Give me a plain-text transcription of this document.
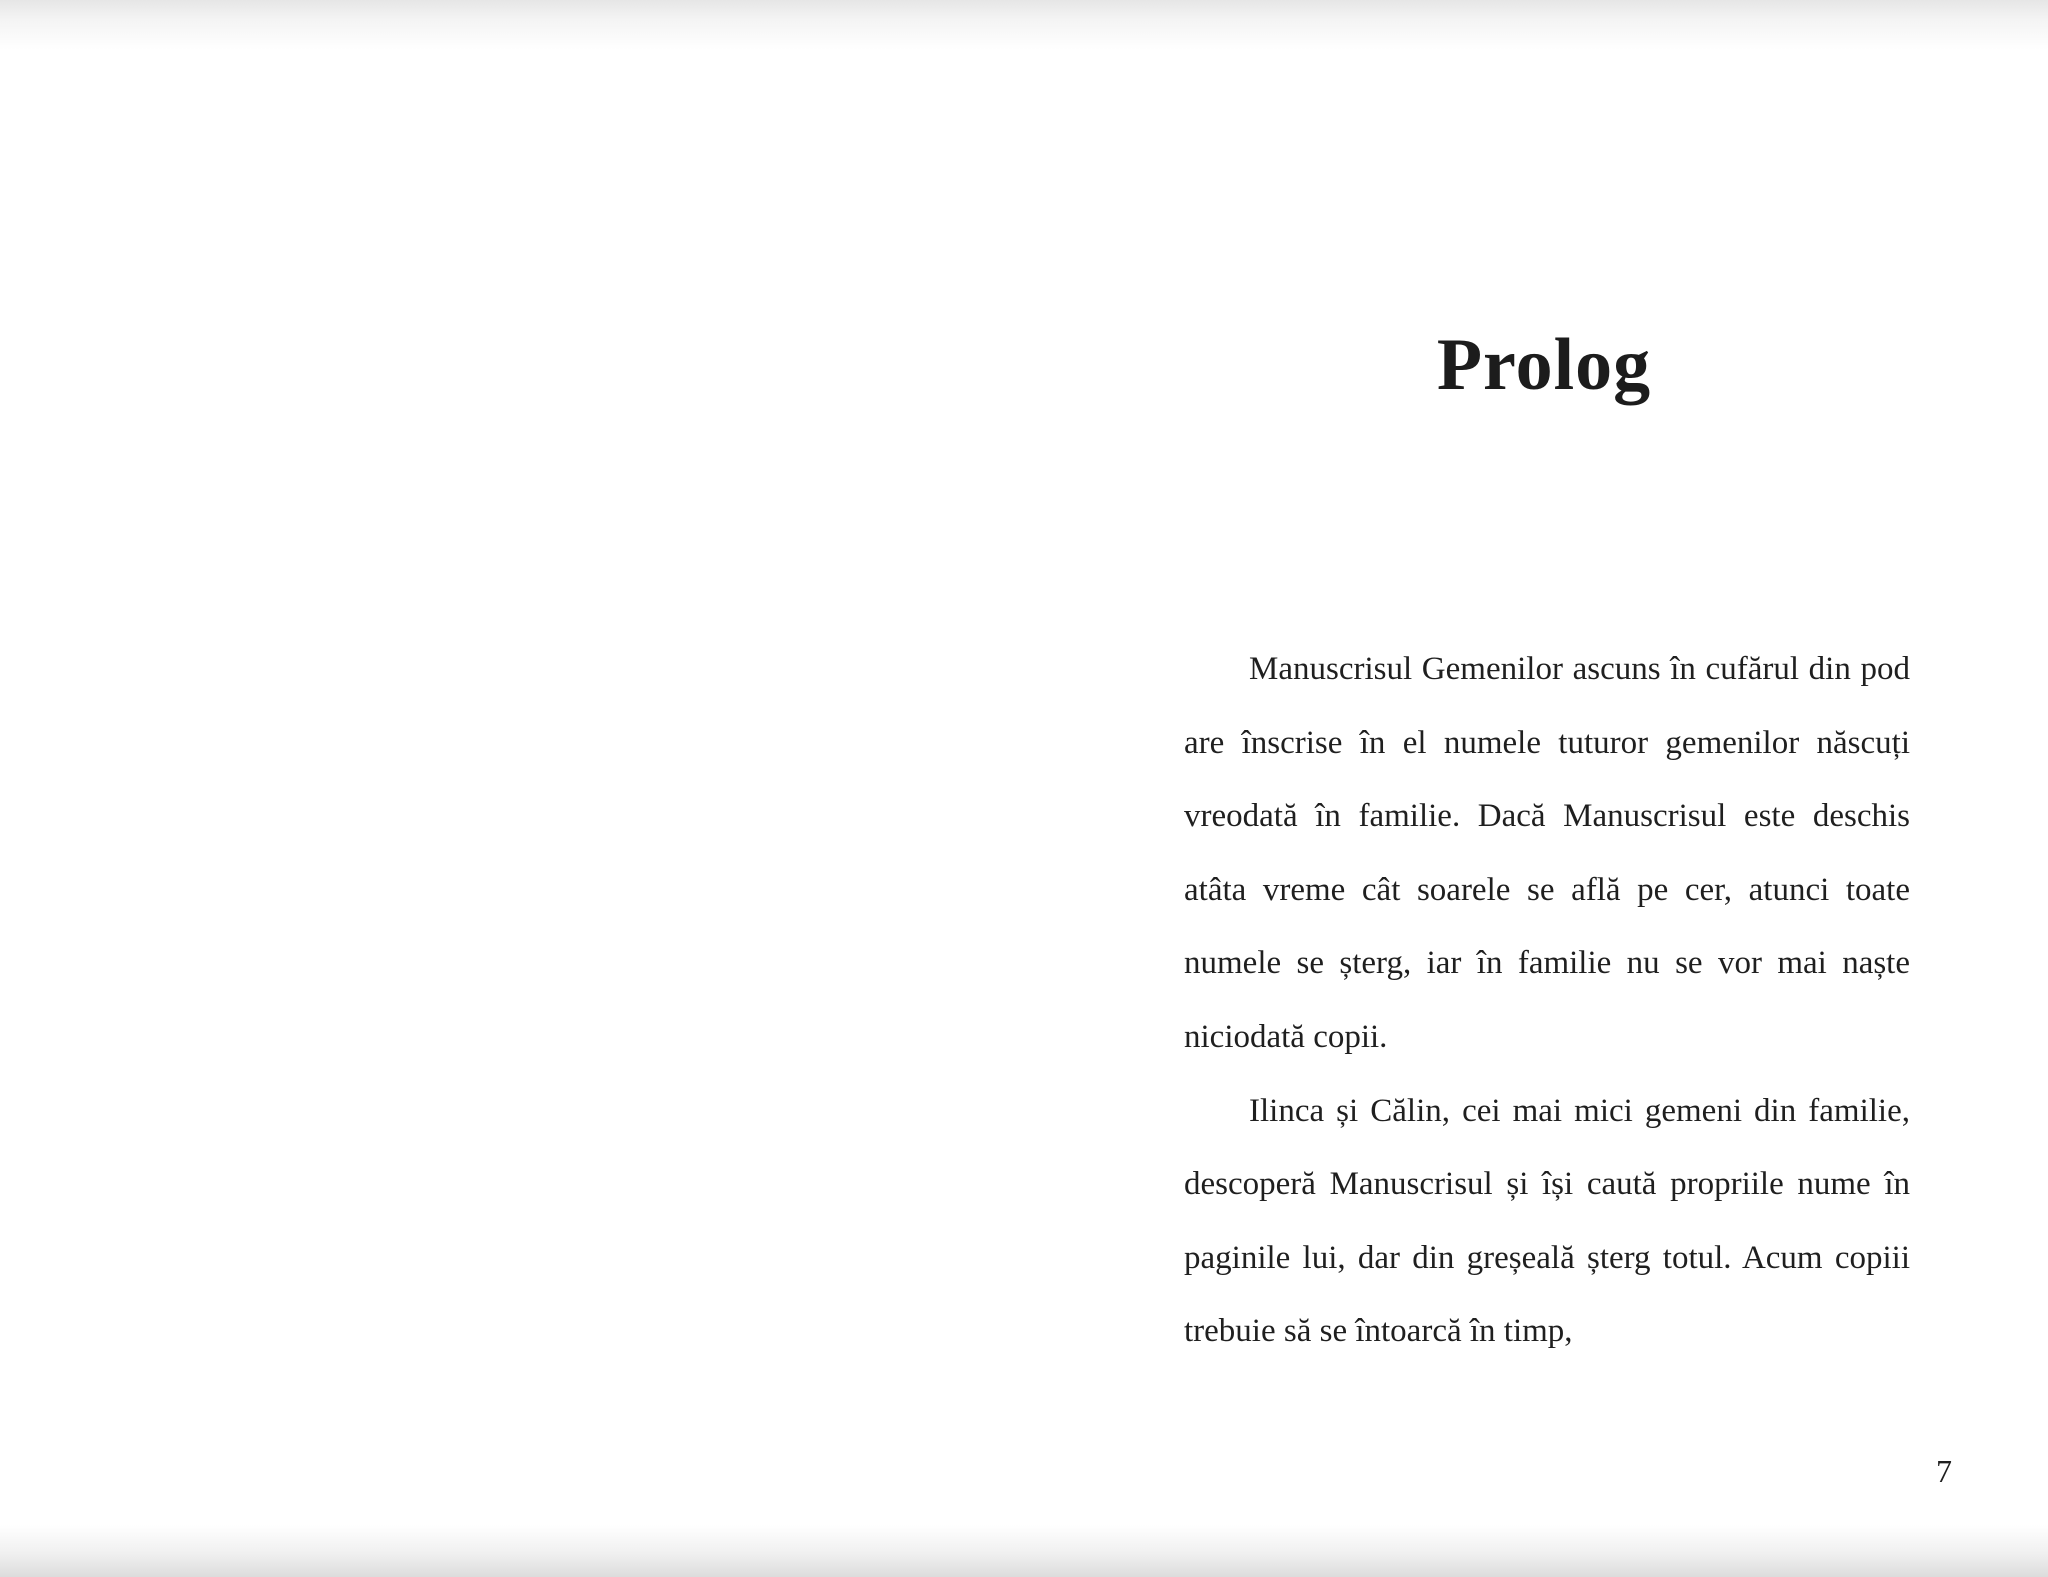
Prolog

Manuscrisul Gemenilor ascuns în cufărul din pod are înscrise în el numele tuturor gemenilor născuți vreodată în familie. Dacă Manuscrisul este deschis atâta vreme cât soarele se află pe cer, atunci toate numele se șterg, iar în familie nu se vor mai naște niciodată copii.

Ilinca și Călin, cei mai mici gemeni din familie, descoperă Manuscrisul și își caută propriile nume în paginile lui, dar din greșeală șterg totul. Acum copiii trebuie să se întoarcă în timp,

7
